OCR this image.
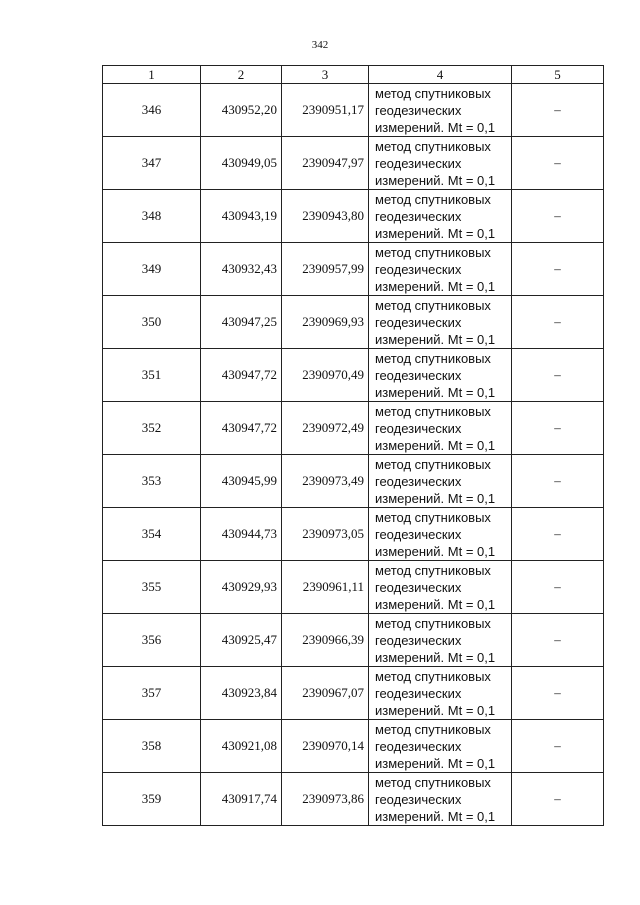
342
1	2	3	4	5
346	430952,20	2390951,17	метод спутниковых
геодезических
измерений. Mt = 0,1	–
347	430949,05	2390947,97	метод спутниковых
геодезических
измерений. Mt = 0,1	–
348	430943,19	2390943,80	метод спутниковых
геодезических
измерений. Mt = 0,1	–
349	430932,43	2390957,99	метод спутниковых
геодезических
измерений. Mt = 0,1	–
350	430947,25	2390969,93	метод спутниковых
геодезических
измерений. Mt = 0,1	–
351	430947,72	2390970,49	метод спутниковых
геодезических
измерений. Mt = 0,1	–
352	430947,72	2390972,49	метод спутниковых
геодезических
измерений. Mt = 0,1	–
353	430945,99	2390973,49	метод спутниковых
геодезических
измерений. Mt = 0,1	–
354	430944,73	2390973,05	метод спутниковых
геодезических
измерений. Mt = 0,1	–
355	430929,93	2390961,11	метод спутниковых
геодезических
измерений. Mt = 0,1	–
356	430925,47	2390966,39	метод спутниковых
геодезических
измерений. Mt = 0,1	–
357	430923,84	2390967,07	метод спутниковых
геодезических
измерений. Mt = 0,1	–
358	430921,08	2390970,14	метод спутниковых
геодезических
измерений. Mt = 0,1	–
359	430917,74	2390973,86	метод спутниковых
геодезических
измерений. Mt = 0,1	–
